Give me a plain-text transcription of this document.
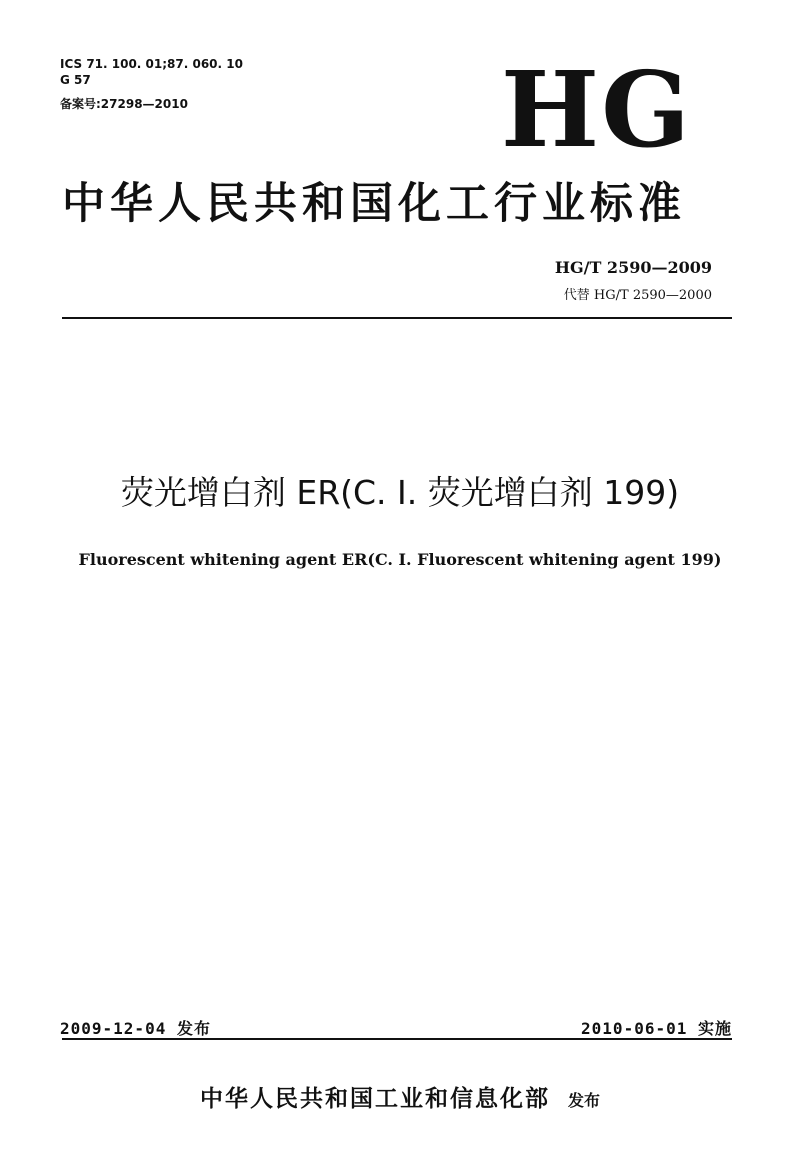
ICS 71. 100. 01;87. 060. 10
G 57
备案号:27298—2010	HG
中华人民共和国化工行业标准
HG/T 2590—2009
代替 HG/T 2590—2000
荧光增白剂 ER(C. I. 荧光增白剂 199)
Fluorescent whitening agent ER(C. I. Fluorescent whitening agent 199)
2009-12-04 发布	2010-06-01 实施
中华人民共和国工业和信息化部 发布
